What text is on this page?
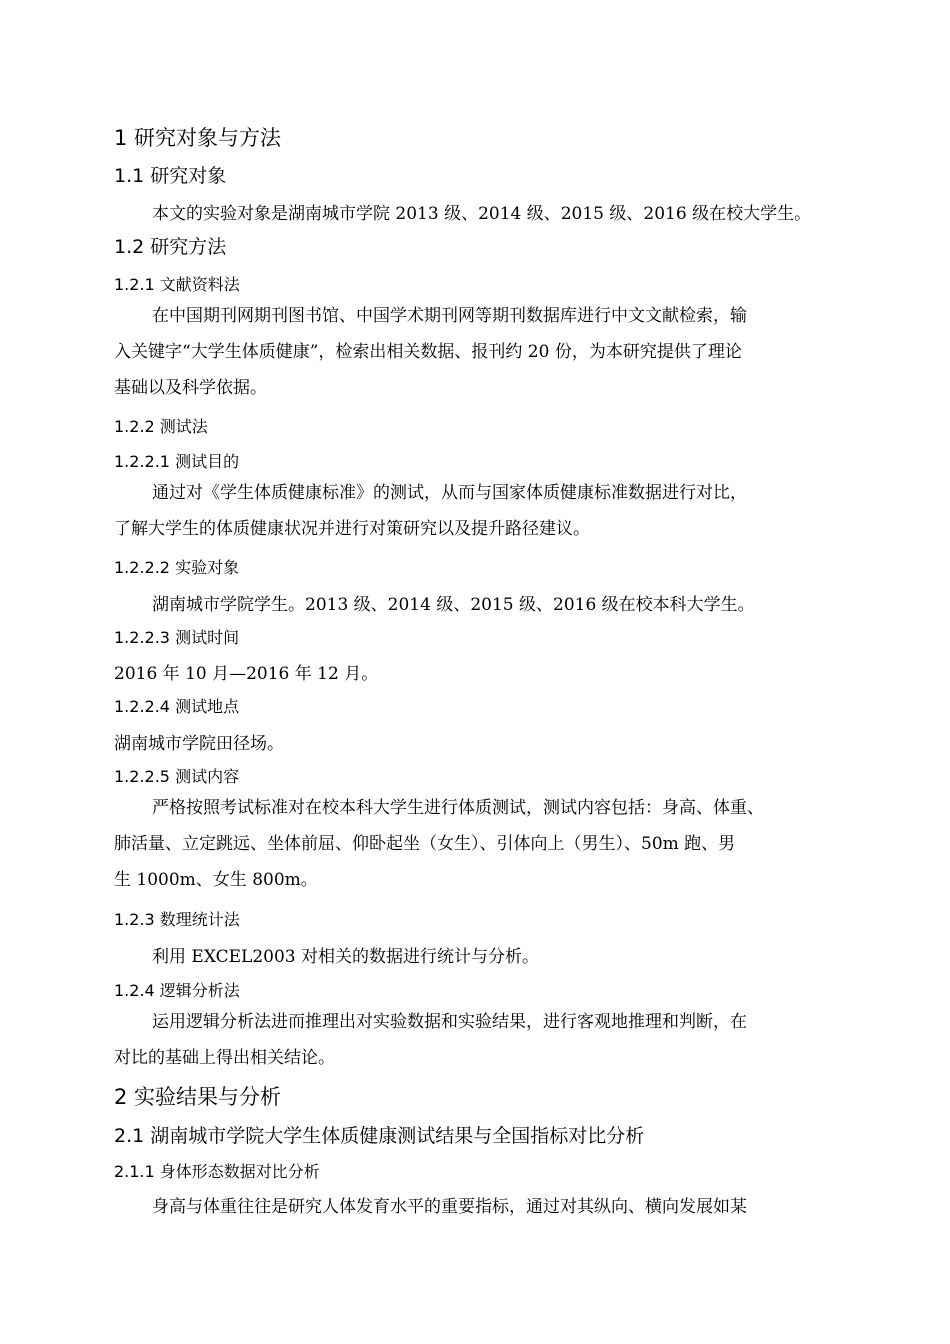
1 研究对象与方法
1.1 研究对象
本文的实验对象是湖南城市学院 2013 级、2014 级、2015 级、2016 级在校大学生。
1.2 研究方法
1.2.1 文献资料法
在中国期刊网期刊图书馆、中国学术期刊网等期刊数据库进行中文文献检索，输
入关键字“大学生体质健康”，检索出相关数据、报刊约 20 份，为本研究提供了理论
基础以及科学依据。
1.2.2 测试法
1.2.2.1 测试目的
通过对《学生体质健康标准》的测试，从而与国家体质健康标准数据进行对比，
了解大学生的体质健康状况并进行对策研究以及提升路径建议。
1.2.2.2 实验对象
湖南城市学院学生。2013 级、2014 级、2015 级、2016 级在校本科大学生。
1.2.2.3 测试时间
2016 年 10 月—2016 年 12 月。
1.2.2.4 测试地点
湖南城市学院田径场。
1.2.2.5 测试内容
严格按照考试标准对在校本科大学生进行体质测试，测试内容包括：身高、体重、
肺活量、立定跳远、坐体前屈、仰卧起坐（女生）、引体向上（男生）、50m 跑、男
生 1000m、女生 800m。
1.2.3 数理统计法
利用 EXCEL2003 对相关的数据进行统计与分析。
1.2.4 逻辑分析法
运用逻辑分析法进而推理出对实验数据和实验结果，进行客观地推理和判断，在
对比的基础上得出相关结论。
2 实验结果与分析
2.1 湖南城市学院大学生体质健康测试结果与全国指标对比分析
2.1.1 身体形态数据对比分析
身高与体重往往是研究人体发育水平的重要指标，通过对其纵向、横向发展如某
